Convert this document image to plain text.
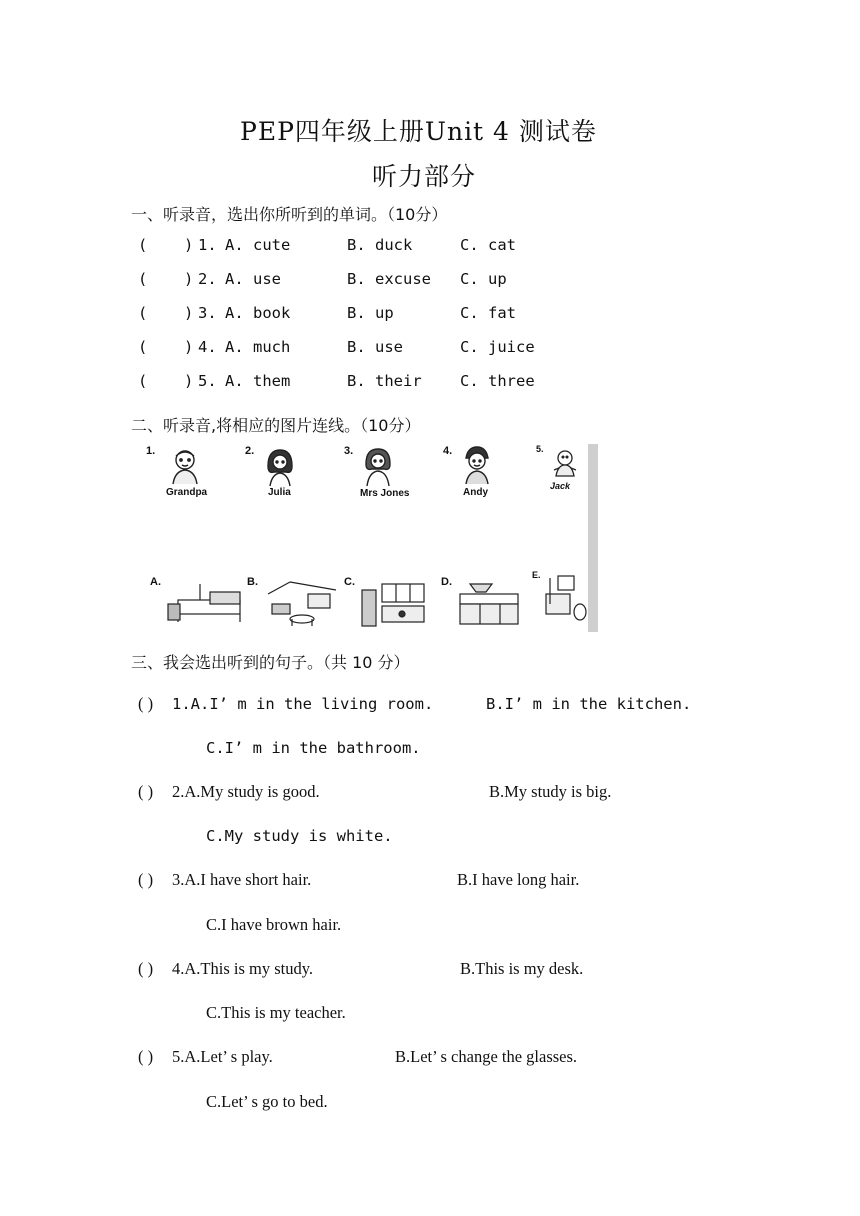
PEP四年级上册Unit 4 测试卷
听力部分
一、听录音，选出你所听到的单词。（10分）
( ) 1. A. cute	B. duck	C. cat
( ) 2. A. use	B. excuse C. up
( ) 3. A. book	B. up	C. fat
( ) 4. A. much	B. use	C. juice
( ) 5. A. them	B. their C. three
二、听录音,将相应的图片连线。（10分）
1.
Grandpa
2.
Julia
3.
Mrs Jones
4.
Andy
5.
Jack
A.	B.	C.	D.
E.
三、我会选出听到的句子。（共 10 分）
( ) 1.A.I’ m in the living room.	B.I’ m in the kitchen.
C.I’ m in the bathroom.
( ) 2.A.My study is good.	B.My study is big.
C.My study is white.
( ) 3.A.I have short hair.	B.I have long hair.
C.I have brown hair.
( ) 4.A.This is my study.	B.This is my desk.
C.This is my teacher.
( ) 5.A.Let’ s play.	B.Let’ s change the glasses.
C.Let’ s go to bed.
